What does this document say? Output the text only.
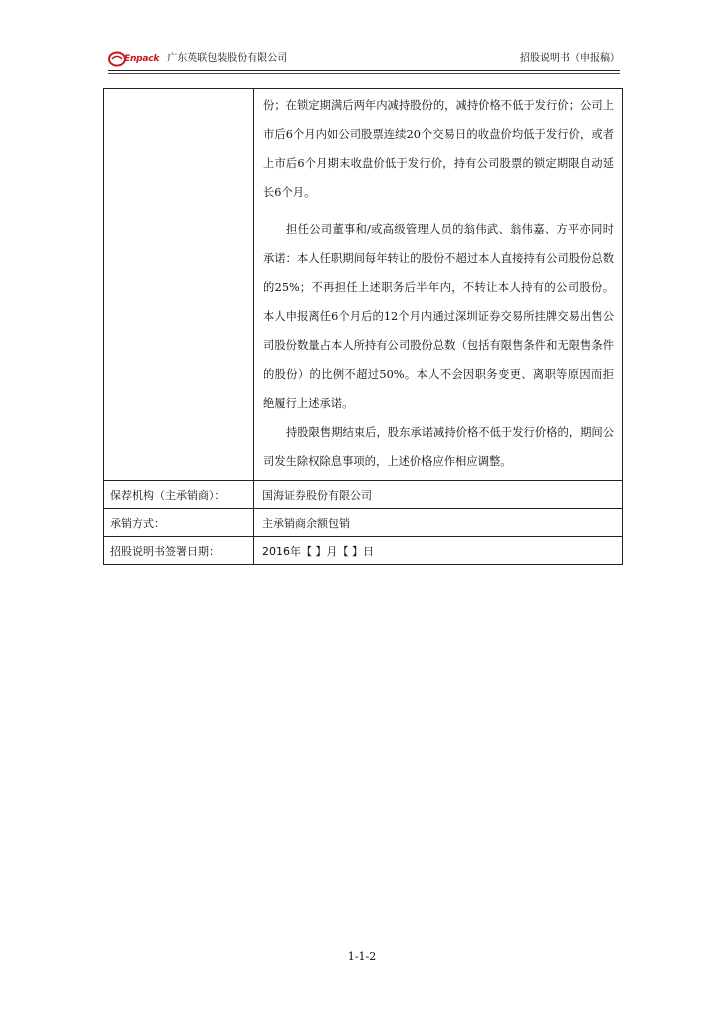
Enpack 广东英联包装股份有限公司	招股说明书（申报稿）

	份；在锁定期满后两年内减持股份的，减持价格不低于发行价；公司上市后6个月内如公司股票连续20个交易日的收盘价均低于发行价，或者上市后6个月期末收盘价低于发行价，持有公司股票的锁定期限自动延长6个月。

担任公司董事和/或高级管理人员的翁伟武、翁伟嘉、方平亦同时承诺：本人任职期间每年转让的股份不超过本人直接持有公司股份总数的25%；不再担任上述职务后半年内，不转让本人持有的公司股份。本人申报离任6个月后的12个月内通过深圳证券交易所挂牌交易出售公司股份数量占本人所持有公司股份总数（包括有限售条件和无限售条件的股份）的比例不超过50%。本人不会因职务变更、离职等原因而拒绝履行上述承诺。

持股限售期结束后，股东承诺减持价格不低于发行价格的，期间公司发生除权除息事项的，上述价格应作相应调整。

保荐机构（主承销商）：	国海证券股份有限公司
承销方式：	主承销商余额包销
招股说明书签署日期：	2016年【 】月【 】日
1-1-2
